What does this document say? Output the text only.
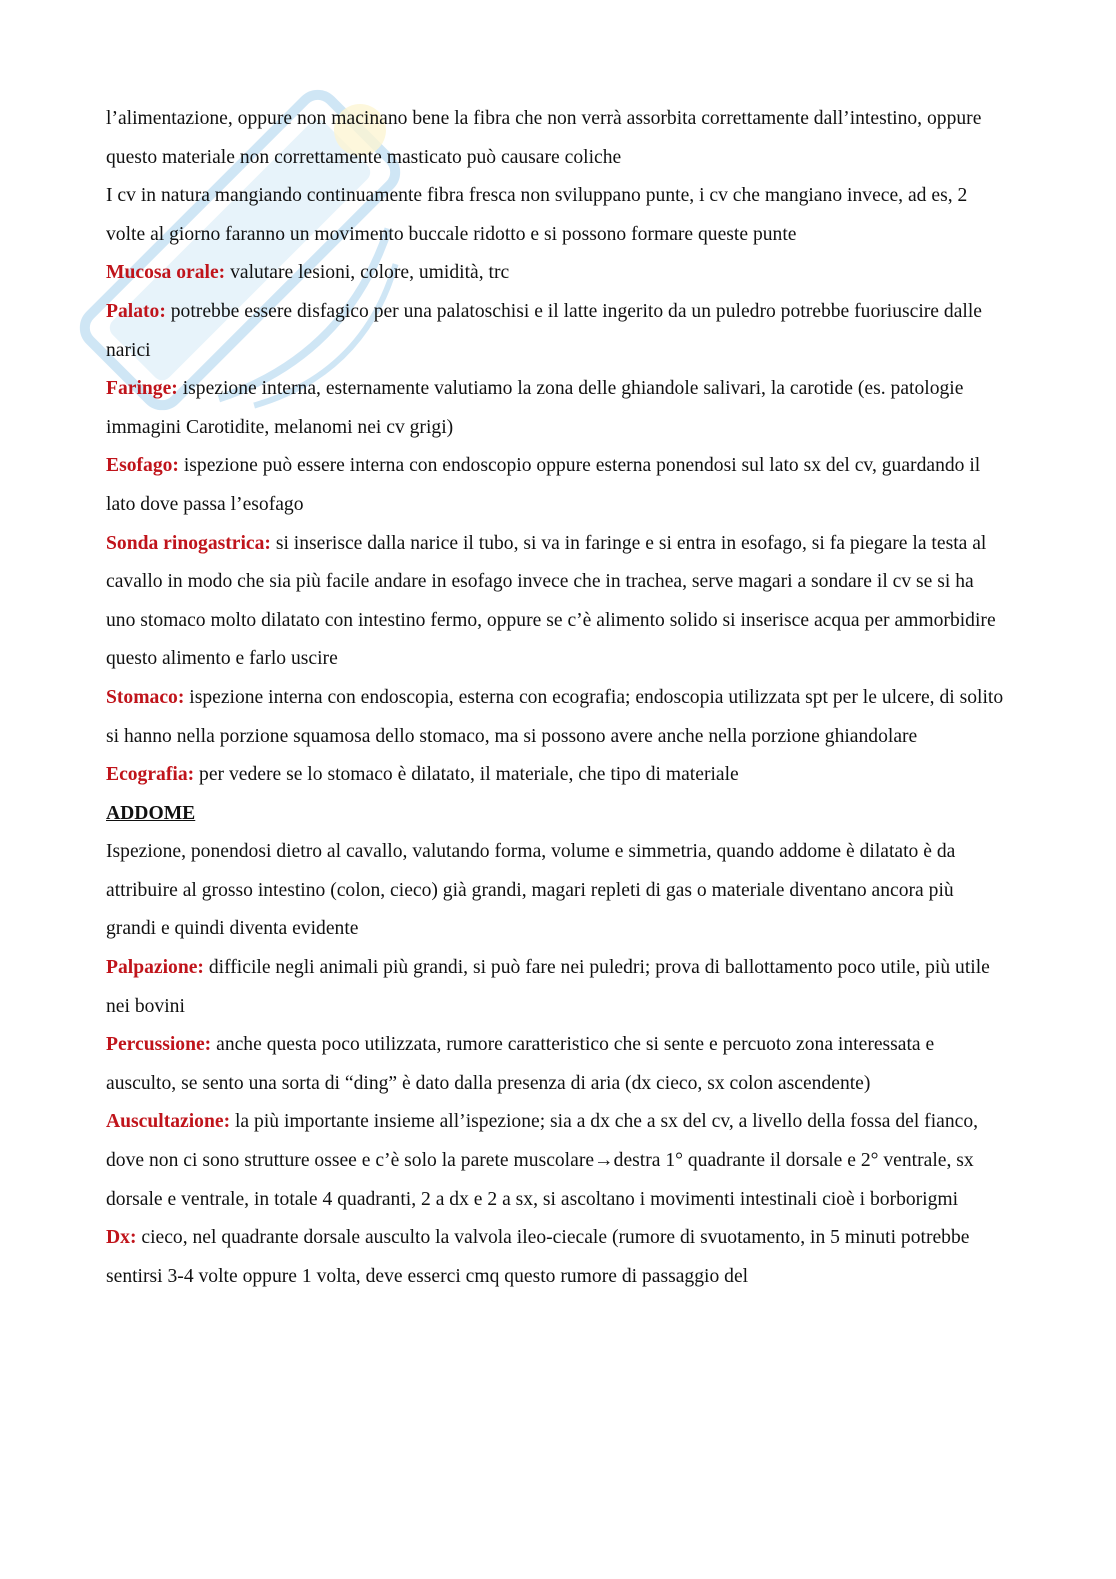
l’alimentazione, oppure non macinano bene la fibra che non verrà assorbita correttamente dall’intestino, oppure questo materiale non correttamente masticato può causare coliche

I cv in natura mangiando continuamente fibra fresca non sviluppano punte, i cv che mangiano invece, ad es, 2 volte al giorno faranno un movimento buccale ridotto e si possono formare queste punte

Mucosa orale: valutare lesioni, colore, umidità, trc

Palato: potrebbe essere disfagico per una palatoschisi e il latte ingerito da un puledro potrebbe fuoriuscire dalle narici

Faringe: ispezione interna, esternamente valutiamo la zona delle ghiandole salivari, la carotide (es. patologie immagini Carotidite, melanomi nei cv grigi)

Esofago: ispezione può essere interna con endoscopio oppure esterna ponendosi sul lato sx del cv, guardando il lato dove passa l’esofago

Sonda rinogastrica: si inserisce dalla narice il tubo, si va in faringe e si entra in esofago, si fa piegare la testa al cavallo in modo che sia più facile andare in esofago invece che in trachea, serve magari a sondare il cv se si ha uno stomaco molto dilatato con intestino fermo, oppure se c’è alimento solido si inserisce acqua per ammorbidire questo alimento e farlo uscire

Stomaco: ispezione interna con endoscopia, esterna con ecografia; endoscopia utilizzata spt per le ulcere, di solito si hanno nella porzione squamosa dello stomaco, ma si possono avere anche nella porzione ghiandolare

Ecografia: per vedere se lo stomaco è dilatato, il materiale, che tipo di materiale

ADDOME

Ispezione, ponendosi dietro al cavallo, valutando forma, volume e simmetria, quando addome è dilatato è da attribuire al grosso intestino (colon, cieco) già grandi, magari repleti di gas o materiale diventano ancora più grandi e quindi diventa evidente

Palpazione: difficile negli animali più grandi, si può fare nei puledri; prova di ballottamento poco utile, più utile nei bovini

Percussione: anche questa poco utilizzata, rumore caratteristico che si sente e percuoto zona interessata e ausculto, se sento una sorta di “ding” è dato dalla presenza di aria (dx cieco, sx colon ascendente)

Auscultazione: la più importante insieme all’ispezione; sia a dx che a sx del cv, a livello della fossa del fianco, dove non ci sono strutture ossee e c’è solo la parete muscolare→destra 1° quadrante il dorsale e 2° ventrale, sx dorsale e ventrale, in totale 4 quadranti, 2 a dx e 2 a sx, si ascoltano i movimenti intestinali cioè i borborigmi

Dx: cieco, nel quadrante dorsale ausculto la valvola ileo-ciecale (rumore di svuotamento, in 5 minuti potrebbe sentirsi 3-4 volte oppure 1 volta, deve esserci cmq questo rumore di passaggio del
